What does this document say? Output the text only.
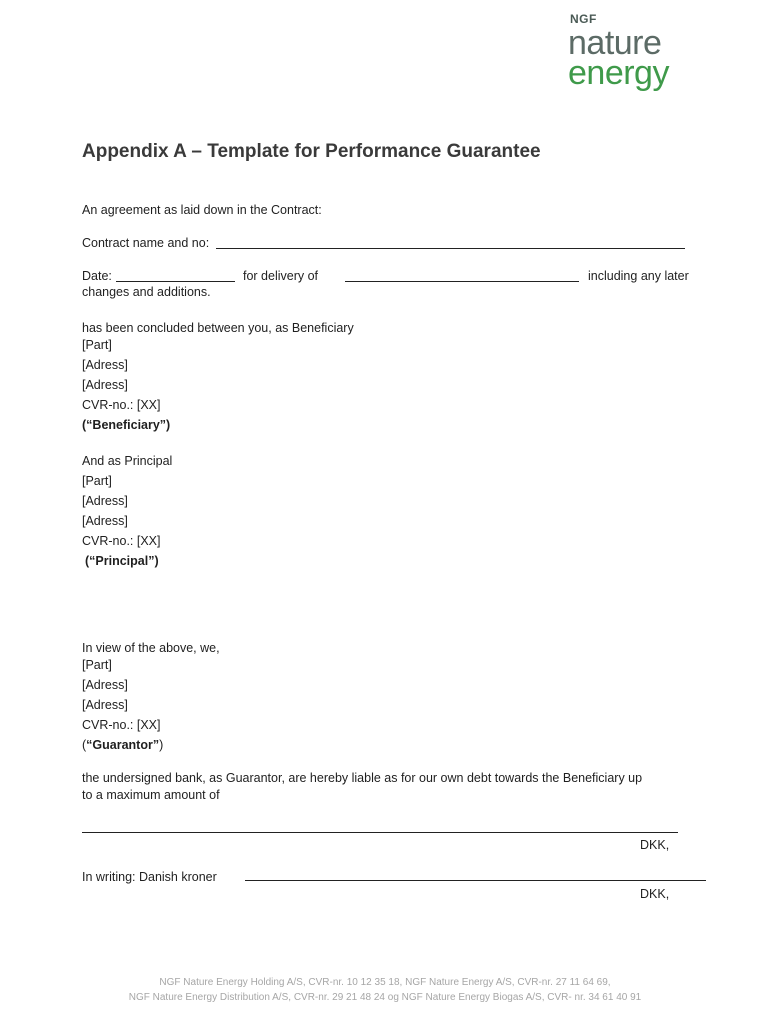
NGF
nature
energy
Appendix A – Template for Performance Guarantee
An agreement as laid down in the Contract:
Contract name and no:
Date:	for delivery of	including any later
changes and additions.
has been concluded between you, as Beneficiary
[Part]
[Adress]
[Adress]
CVR-no.: [XX]
(“Beneficiary”)
And as Principal
[Part]
[Adress]
[Adress]
CVR-no.: [XX]
(“Principal”)
In view of the above, we,
[Part]
[Adress]
[Adress]
CVR-no.: [XX]
(“Guarantor”)
the undersigned bank, as Guarantor, are hereby liable as for our own debt towards the Beneficiary up
to a maximum amount of
DKK,
In writing: Danish kroner
DKK,
NGF Nature Energy Holding A/S, CVR-nr. 10 12 35 18, NGF Nature Energy A/S, CVR-nr. 27 11 64 69,
NGF Nature Energy Distribution A/S, CVR-nr. 29 21 48 24 og NGF Nature Energy Biogas A/S, CVR- nr. 34 61 40 91
